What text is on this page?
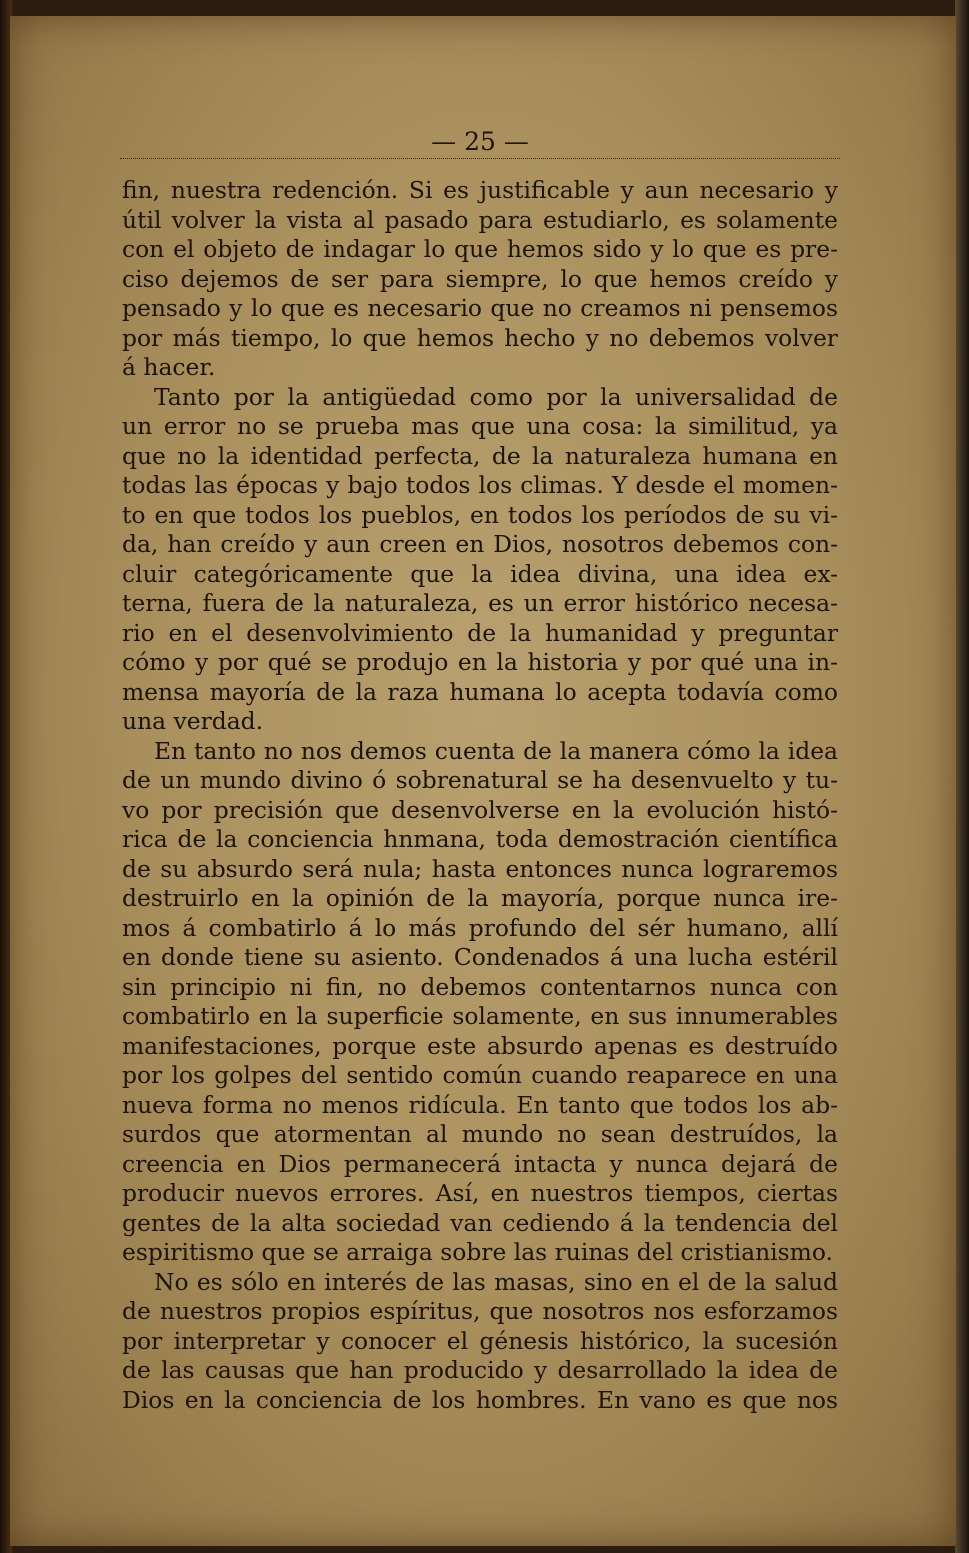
— 25 —
fin, nuestra redención. Si es justificable y aun necesario y
útil volver la vista al pasado para estudiarlo, es solamente
con el objeto de indagar lo que hemos sido y lo que es pre-
ciso dejemos de ser para siempre, lo que hemos creído y
pensado y lo que es necesario que no creamos ni pensemos
por más tiempo, lo que hemos hecho y no debemos volver
á hacer.
Tanto por la antigüedad como por la universalidad de
un error no se prueba mas que una cosa: la similitud, ya
que no la identidad perfecta, de la naturaleza humana en
todas las épocas y bajo todos los climas. Y desde el momen-
to en que todos los pueblos, en todos los períodos de su vi-
da, han creído y aun creen en Dios, nosotros debemos con-
cluir categóricamente que la idea divina, una idea ex-
terna, fuera de la naturaleza, es un error histórico necesa-
rio en el desenvolvimiento de la humanidad y preguntar
cómo y por qué se produjo en la historia y por qué una in-
mensa mayoría de la raza humana lo acepta todavía como
una verdad.
En tanto no nos demos cuenta de la manera cómo la idea
de un mundo divino ó sobrenatural se ha desenvuelto y tu-
vo por precisión que desenvolverse en la evolución histó-
rica de la conciencia hnmana, toda demostración científica
de su absurdo será nula; hasta entonces nunca lograremos
destruirlo en la opinión de la mayoría, porque nunca ire-
mos á combatirlo á lo más profundo del sér humano, allí
en donde tiene su asiento. Condenados á una lucha estéril
sin principio ni fin, no debemos contentarnos nunca con
combatirlo en la superficie solamente, en sus innumerables
manifestaciones, porque este absurdo apenas es destruído
por los golpes del sentido común cuando reaparece en una
nueva forma no menos ridícula. En tanto que todos los ab-
surdos que atormentan al mundo no sean destruídos, la
creencia en Dios permanecerá intacta y nunca dejará de
producir nuevos errores. Así, en nuestros tiempos, ciertas
gentes de la alta sociedad van cediendo á la tendencia del
espiritismo que se arraiga sobre las ruinas del cristianismo.
No es sólo en interés de las masas, sino en el de la salud
de nuestros propios espíritus, que nosotros nos esforzamos
por interpretar y conocer el génesis histórico, la sucesión
de las causas que han producido y desarrollado la idea de
Dios en la conciencia de los hombres. En vano es que nos
